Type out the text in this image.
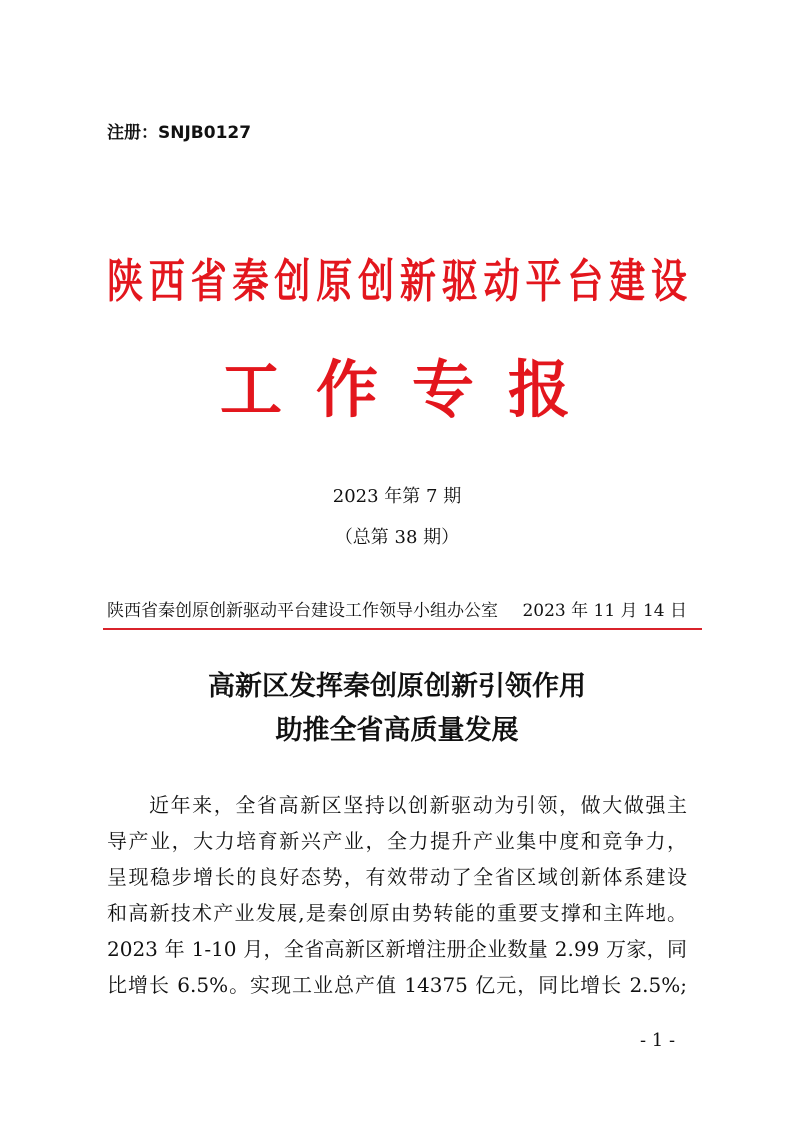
注册：SNJB0127
陕西省秦创原创新驱动平台建设
工作专报
2023 年第 7 期
（总第 38 期）
陕西省秦创原创新驱动平台建设工作领导小组办公室 2023 年 11 月 14 日
高新区发挥秦创原创新引领作用
助推全省高质量发展
近年来，全省高新区坚持以创新驱动为引领，做大做强主
导产业，大力培育新兴产业，全力提升产业集中度和竞争力，
呈现稳步增长的良好态势，有效带动了全省区域创新体系建设
和高新技术产业发展,是秦创原由势转能的重要支撑和主阵地。
2023 年 1-10 月，全省高新区新增注册企业数量 2.99 万家，同
比增长 6.5%。实现工业总产值 14375 亿元，同比增长 2.5%;
- 1 -
